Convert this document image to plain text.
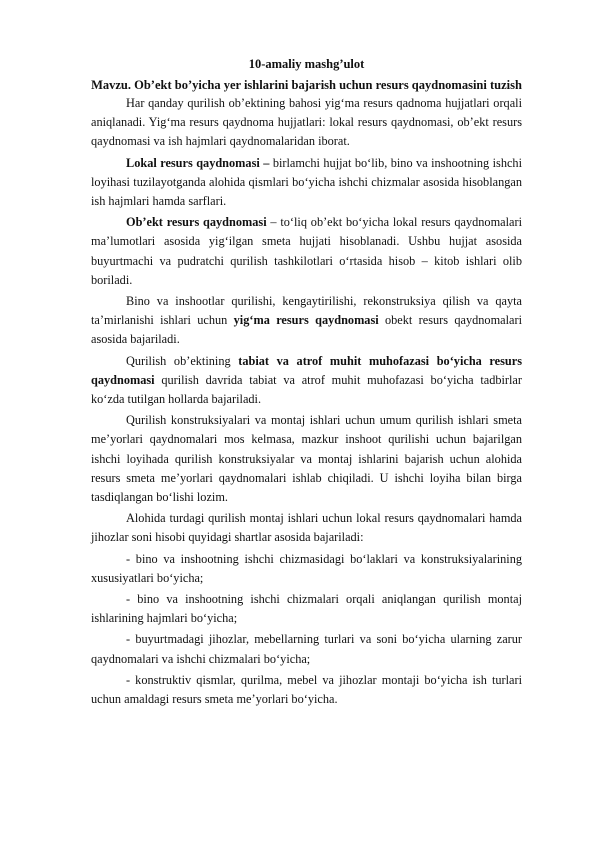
10-amaliy mashg’ulot
Mavzu. Ob’ekt bo’yicha yer ishlarini bajarish uchun resurs qaydnomasini tuzish

Har qanday qurilish ob’ektining bahosi yig‘ma resurs qadnoma hujjatlari orqali aniqlanadi. Yig‘ma resurs qaydnoma hujjatlari: lokal resurs qaydnomasi, ob’ekt resurs qaydnomasi va ish hajmlari qaydnomalaridan iborat.

Lokal resurs qaydnomasi – birlamchi hujjat bo‘lib, bino va inshootning ishchi loyihasi tuzilayotganda alohida qismlari bo‘yicha ishchi chizmalar asosida hisoblangan ish hajmlari hamda sarflari.

Ob’ekt resurs qaydnomasi – to‘liq ob’ekt bo‘yicha lokal resurs qaydnomalari ma’lumotlari asosida yig‘ilgan smeta hujjati hisoblanadi. Ushbu hujjat asosida buyurtmachi va pudratchi qurilish tashkilotlari o‘rtasida hisob – kitob ishlari olib boriladi.

Bino va inshootlar qurilishi, kengaytirilishi, rekonstruksiya qilish va qayta ta’mirlanishi ishlari uchun yig‘ma resurs qaydnomasi obekt resurs qaydnomalari asosida bajariladi.

Qurilish ob’ektining tabiat va atrof muhit muhofazasi bo‘yicha resurs qaydnomasi qurilish davrida tabiat va atrof muhit muhofazasi bo‘yicha tadbirlar ko‘zda tutilgan hollarda bajariladi.

Qurilish konstruksiyalari va montaj ishlari uchun umum qurilish ishlari smeta me’yorlari qaydnomalari mos kelmasa, mazkur inshoot qurilishi uchun bajarilgan ishchi loyihada qurilish konstruksiyalar va montaj ishlarini bajarish uchun alohida resurs smeta me’yorlari qaydnomalari ishlab chiqiladi. U ishchi loyiha bilan birga tasdiqlangan bo‘lishi lozim.

Alohida turdagi qurilish montaj ishlari uchun lokal resurs qaydnomalari hamda jihozlar soni hisobi quyidagi shartlar asosida bajariladi:

- bino va inshootning ishchi chizmasidagi bo‘laklari va konstruksiyalarining xususiyatlari bo‘yicha;

- bino va inshootning ishchi chizmalari orqali aniqlangan qurilish montaj ishlarining hajmlari bo‘yicha;

- buyurtmadagi jihozlar, mebellarning turlari va soni bo‘yicha ularning zarur qaydnomalari va ishchi chizmalari bo‘yicha;

- konstruktiv qismlar, qurilma, mebel va jihozlar montaji bo‘yicha ish turlari uchun amaldagi resurs smeta me’yorlari bo‘yicha.
